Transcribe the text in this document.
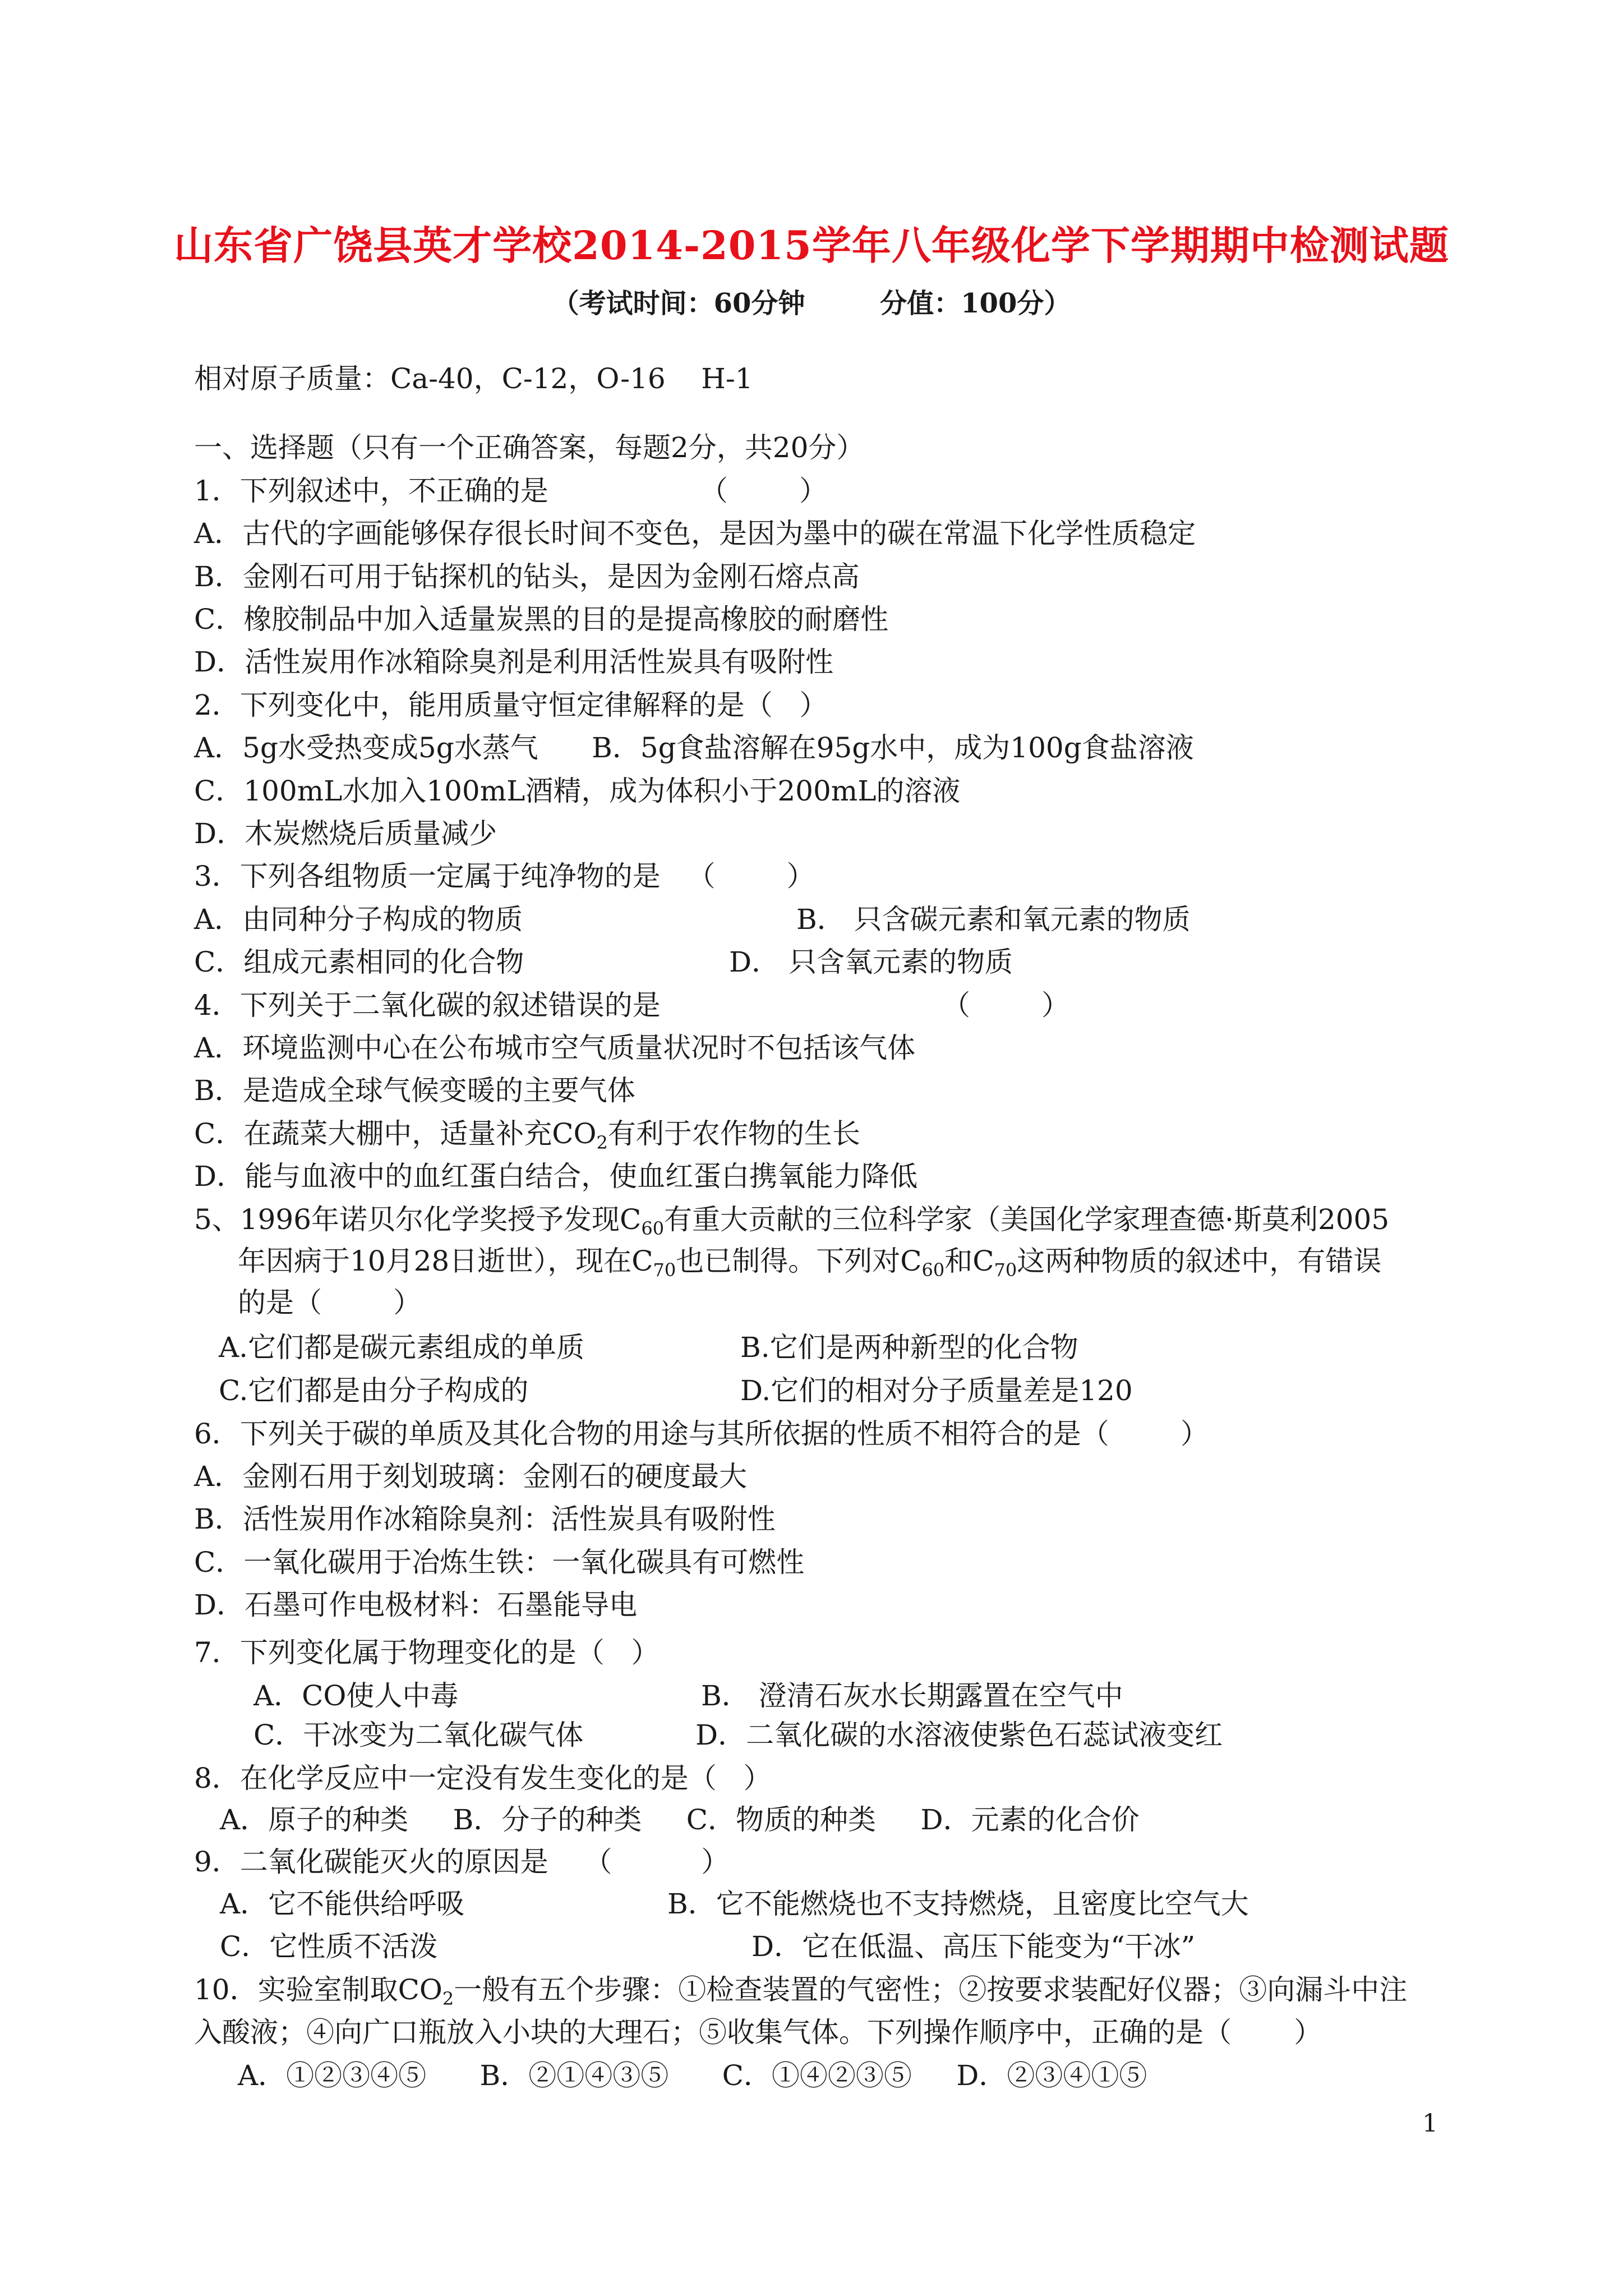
山东省广饶县英才学校2014-2015学年八年级化学下学期期中检测试题
（考试时间：60分钟        分值：100分）
相对原子质量：Ca-40，C-12，O-16    H-1
一、选择题（只有一个正确答案，每题2分，共20分）
1．下列叙述中，不正确的是                 （        ）
A．古代的字画能够保存很长时间不变色，是因为墨中的碳在常温下化学性质稳定
B．金刚石可用于钻探机的钻头，是因为金刚石熔点高
C．橡胶制品中加入适量炭黑的目的是提高橡胶的耐磨性
D．活性炭用作冰箱除臭剂是利用活性炭具有吸附性
2．下列变化中，能用质量守恒定律解释的是（   ）
A．5g水受热变成5g水蒸气      B．5g食盐溶解在95g水中，成为100g食盐溶液
C．100mL水加入100mL酒精，成为体积小于200mL的溶液
D．木炭燃烧后质量减少
3．下列各组物质一定属于纯净物的是   （        ）
A．由同种分子构成的物质	B． 只含碳元素和氧元素的物质
C．组成元素相同的化合物	D． 只含氧元素的物质
4．下列关于二氧化碳的叙述错误的是	（        ）
A．环境监测中心在公布城市空气质量状况时不包括该气体
B．是造成全球气候变暖的主要气体
C．在蔬菜大棚中，适量补充$CO_2$有利于农作物的生长
D．能与血液中的血红蛋白结合，使血红蛋白携氧能力降低
5、1996年诺贝尔化学奖授予发现$C_{60}$有重大贡献的三位科学家（美国化学家理查德·斯莫利2005
年因病于10月28日逝世），现在$C_{70}$也已制得。下列对$C_{60}$和$C_{70}$这两种物质的叙述中，有错误
的是（        ）
A.它们都是碳元素组成的单质	B.它们是两种新型的化合物
C.它们都是由分子构成的	D.它们的相对分子质量差是120
6．下列关于碳的单质及其化合物的用途与其所依据的性质不相符合的是（        ）
A．金刚石用于刻划玻璃：金刚石的硬度最大
B．活性炭用作冰箱除臭剂：活性炭具有吸附性
C．一氧化碳用于冶炼生铁：一氧化碳具有可燃性
D．石墨可作电极材料：石墨能导电
7．下列变化属于物理变化的是（   ）
A．CO使人中毒	B． 澄清石灰水长期露置在空气中
C．干冰变为二氧化碳气体	D．二氧化碳的水溶液使紫色石蕊试液变红
8．在化学反应中一定没有发生变化的是（   ）
A．原子的种类     B．分子的种类     C．物质的种类     D．元素的化合价
9．二氧化碳能灭火的原因是    （          ）
A．它不能供给呼吸	B．它不能燃烧也不支持燃烧，且密度比空气大
C．它性质不活泼	D．它在低温、高压下能变为“干冰”
10．实验室制取$CO_2$一般有五个步骤：①检查装置的气密性；②按要求装配好仪器；③向漏斗中注
入酸液；④向广口瓶放入小块的大理石；⑤收集气体。下列操作顺序中，正确的是（       ）
A．①②③④⑤      B．②①④③⑤      C．①④②③⑤     D．②③④①⑤
1
